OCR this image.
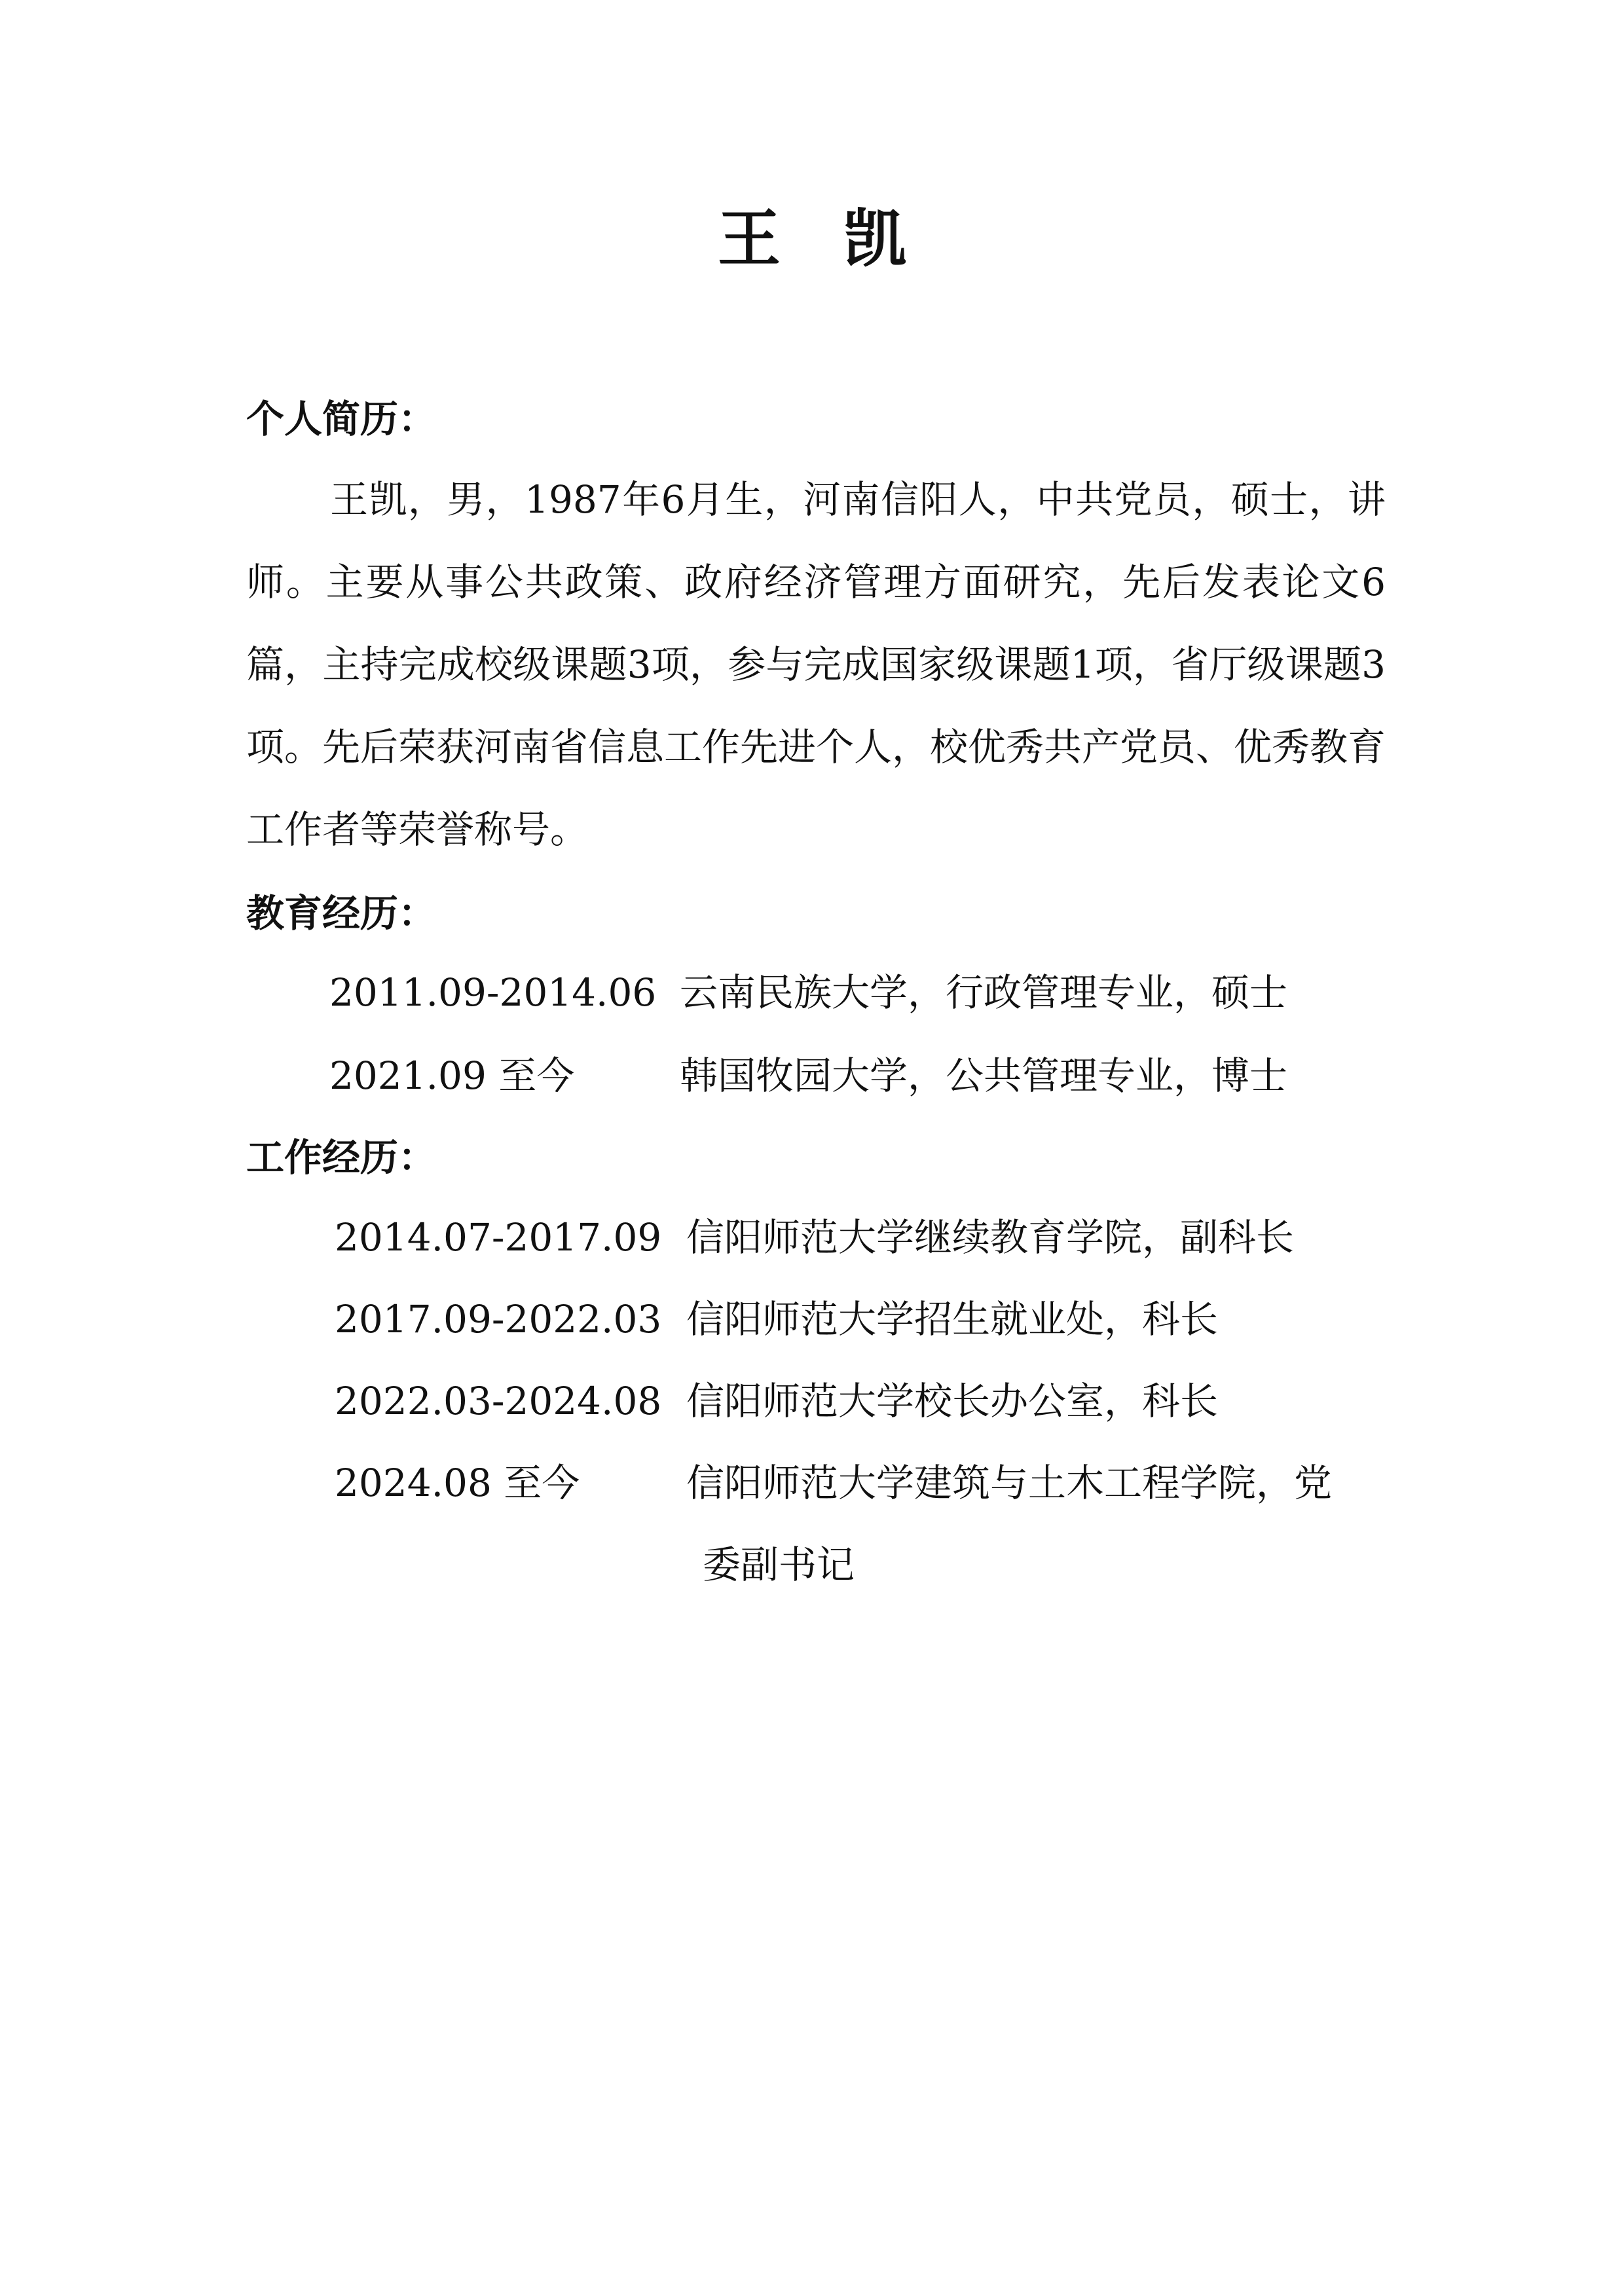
王 凯
个人简历：
王凯，男，1987年6月生，河南信阳人，中共党员，硕士，讲师。主要从事公共政策、政府经济管理方面研究，先后发表论文6篇，主持完成校级课题3项，参与完成国家级课题1项，省厅级课题3项。先后荣获河南省信息工作先进个人，校优秀共产党员、优秀教育工作者等荣誉称号。
教育经历：
2011.09-2014.06 云南民族大学，行政管理专业，硕士
2021.09 至今	韩国牧园大学，公共管理专业，博士
工作经历：
2014.07-2017.09 信阳师范大学继续教育学院，副科长
2017.09-2022.03 信阳师范大学招生就业处，科长
2022.03-2024.08 信阳师范大学校长办公室，科长
2024.08 至今	信阳师范大学建筑与土木工程学院，党
委副书记
